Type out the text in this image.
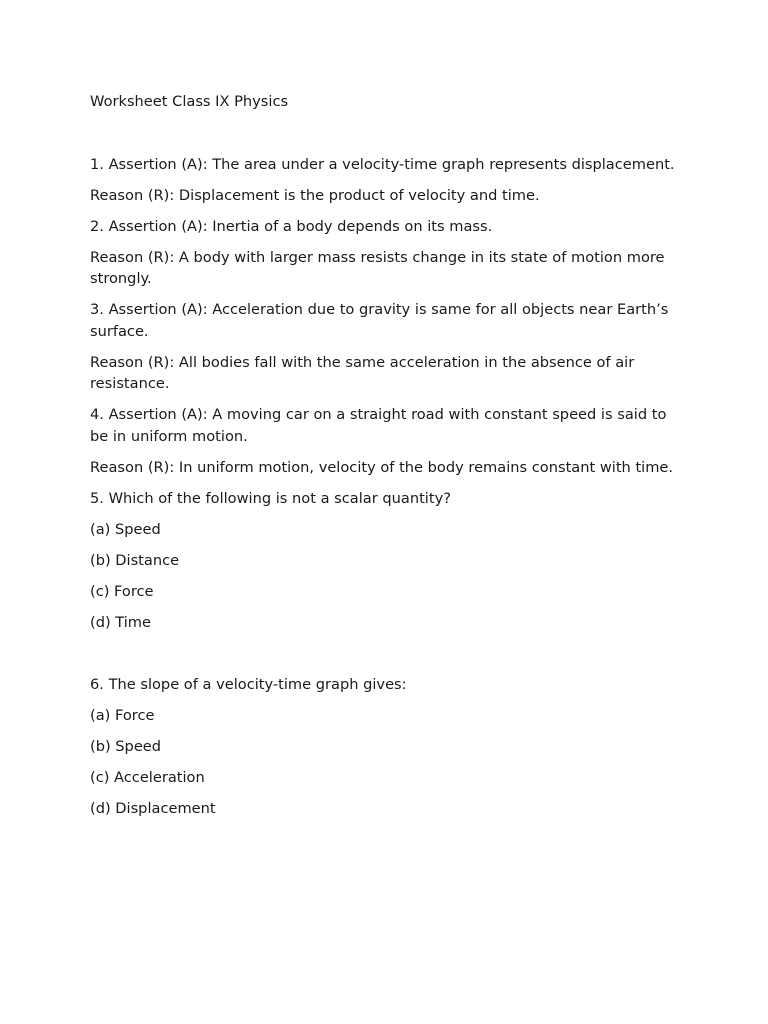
Worksheet Class IX Physics
1. Assertion (A): The area under a velocity-time graph represents displacement.
Reason (R): Displacement is the product of velocity and time.
2. Assertion (A): Inertia of a body depends on its mass.
Reason (R): A body with larger mass resists change in its state of motion more strongly.
3. Assertion (A): Acceleration due to gravity is same for all objects near Earth’s surface.
Reason (R): All bodies fall with the same acceleration in the absence of air resistance.
4. Assertion (A): A moving car on a straight road with constant speed is said to be in uniform motion.
Reason (R): In uniform motion, velocity of the body remains constant with time.
5. Which of the following is not a scalar quantity?
(a) Speed
(b) Distance
(c) Force
(d) Time
6. The slope of a velocity-time graph gives:
(a) Force
(b) Speed
(c) Acceleration
(d) Displacement
